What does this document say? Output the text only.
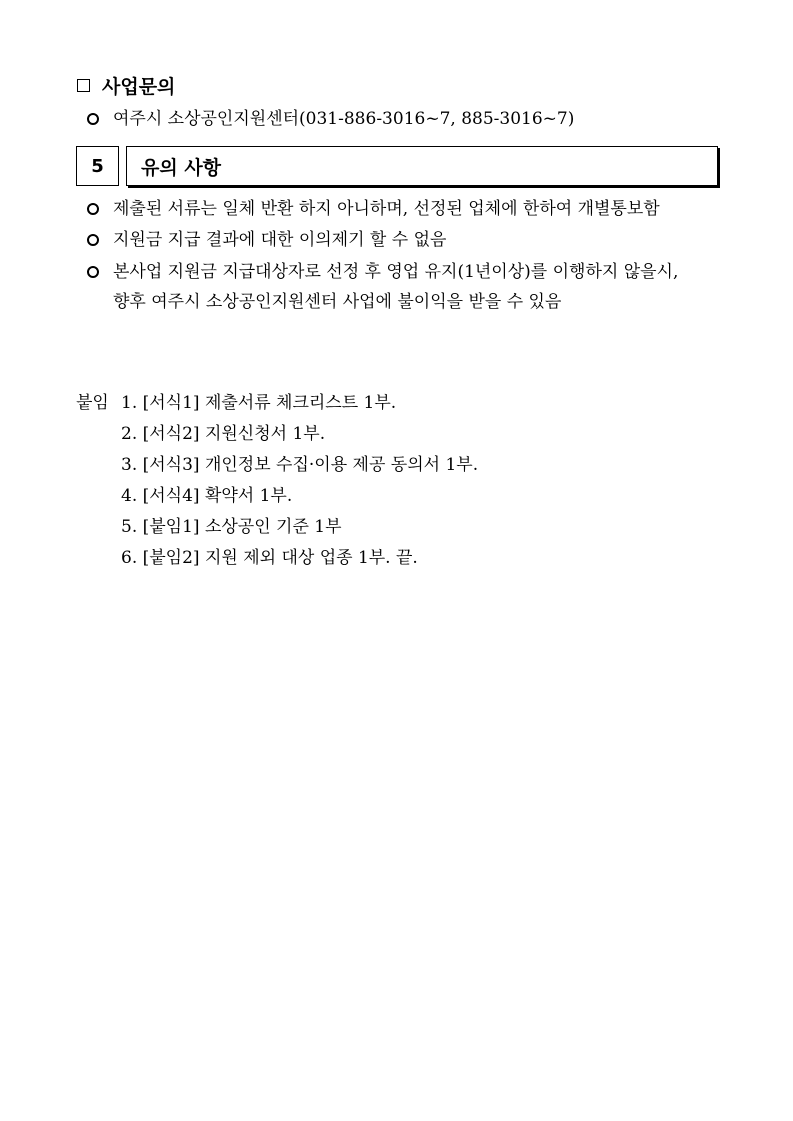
사업문의
여주시 소상공인지원센터(031-886-3016~7, 885-3016~7)
5	유의 사항
제출된 서류는 일체 반환 하지 아니하며, 선정된 업체에 한하여 개별통보함
지원금 지급 결과에 대한 이의제기 할 수 없음
본사업 지원금 지급대상자로 선정 후 영업 유지(1년이상)를 이행하지 않을시,
향후 여주시 소상공인지원센터 사업에 불이익을 받을 수 있음
붙임 1. [서식1] 제출서류 체크리스트 1부.
2. [서식2] 지원신청서 1부.
3. [서식3] 개인정보 수집·이용 제공 동의서 1부.
4. [서식4] 확약서 1부.
5. [붙임1] 소상공인 기준 1부
6. [붙임2] 지원 제외 대상 업종 1부. 끝.
